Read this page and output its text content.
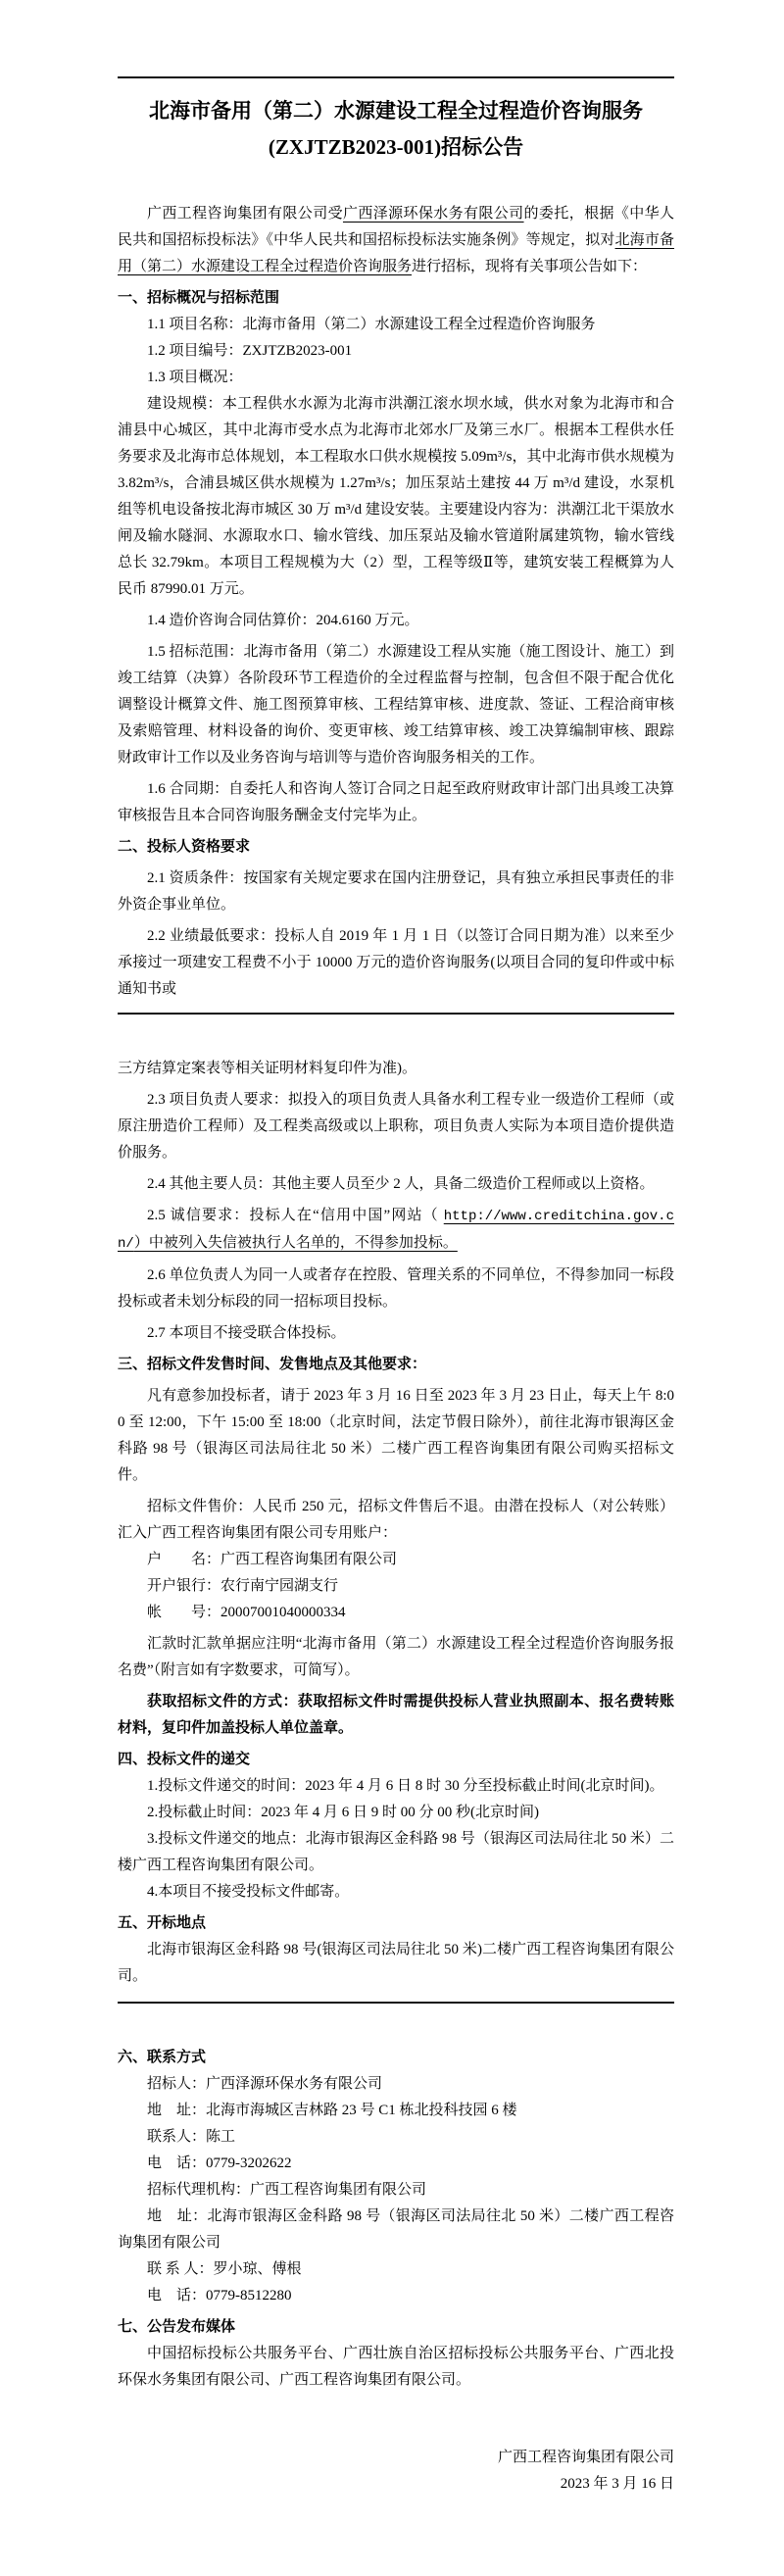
北海市备用（第二）水源建设工程全过程造价咨询服务
(ZXJTZB2023-001)招标公告

广西工程咨询集团有限公司受广西泽源环保水务有限公司的委托，根据《中华人民共和国招标投标法》《中华人民共和国招标投标法实施条例》等规定，拟对北海市备用（第二）水源建设工程全过程造价咨询服务进行招标，现将有关事项公告如下：

一、招标概况与招标范围

1.1 项目名称：北海市备用（第二）水源建设工程全过程造价咨询服务

1.2 项目编号：ZXJTZB2023-001

1.3 项目概况：

建设规模：本工程供水水源为北海市洪潮江滚水坝水域，供水对象为北海市和合浦县中心城区，其中北海市受水点为北海市北郊水厂及第三水厂。根据本工程供水任务要求及北海市总体规划，本工程取水口供水规模按 5.09m³/s，其中北海市供水规模为 3.82m³/s，合浦县城区供水规模为 1.27m³/s；加压泵站土建按 44 万 m³/d 建设，水泵机组等机电设备按北海市城区 30 万 m³/d 建设安装。主要建设内容为：洪潮江北干渠放水闸及输水隧洞、水源取水口、输水管线、加压泵站及输水管道附属建筑物，输水管线总长 32.79km。本项目工程规模为大（2）型，工程等级Ⅱ等，建筑安装工程概算为人民币 87990.01 万元。

1.4 造价咨询合同估算价：204.6160 万元。

1.5 招标范围：北海市备用（第二）水源建设工程从实施（施工图设计、施工）到竣工结算（决算）各阶段环节工程造价的全过程监督与控制，包含但不限于配合优化调整设计概算文件、施工图预算审核、工程结算审核、进度款、签证、工程洽商审核及索赔管理、材料设备的询价、变更审核、竣工结算审核、竣工决算编制审核、跟踪财政审计工作以及业务咨询与培训等与造价咨询服务相关的工作。

1.6 合同期：自委托人和咨询人签订合同之日起至政府财政审计部门出具竣工决算审核报告且本合同咨询服务酬金支付完毕为止。

二、投标人资格要求

2.1 资质条件：按国家有关规定要求在国内注册登记，具有独立承担民事责任的非外资企事业单位。

2.2 业绩最低要求：投标人自 2019 年 1 月 1 日（以签订合同日期为准）以来至少承接过一项建安工程费不小于 10000 万元的造价咨询服务(以项目合同的复印件或中标通知书或

三方结算定案表等相关证明材料复印件为准)。

2.3 项目负责人要求：拟投入的项目负责人具备水利工程专业一级造价工程师（或原注册造价工程师）及工程类高级或以上职称，项目负责人实际为本项目造价提供造价服务。

2.4 其他主要人员：其他主要人员至少 2 人，具备二级造价工程师或以上资格。

2.5 诚信要求：投标人在“信用中国”网站（ http://www.creditchina.gov.cn/）中被列入失信被执行人名单的，不得参加投标。

2.6 单位负责人为同一人或者存在控股、管理关系的不同单位，不得参加同一标段投标或者未划分标段的同一招标项目投标。

2.7 本项目不接受联合体投标。

三、招标文件发售时间、发售地点及其他要求：

凡有意参加投标者，请于 2023 年 3 月 16 日至 2023 年 3 月 23 日止，每天上午 8:00 至 12:00，下午 15:00 至 18:00（北京时间，法定节假日除外），前往北海市银海区金科路 98 号（银海区司法局往北 50 米）二楼广西工程咨询集团有限公司购买招标文件。

招标文件售价：人民币 250 元，招标文件售后不退。由潜在投标人（对公转账）汇入广西工程咨询集团有限公司专用账户：

户　　名：广西工程咨询集团有限公司

开户银行：农行南宁园湖支行

帐　　号：20007001040000334

汇款时汇款单据应注明“北海市备用（第二）水源建设工程全过程造价咨询服务报名费”（附言如有字数要求，可简写）。

获取招标文件的方式：获取招标文件时需提供投标人营业执照副本、报名费转账材料，复印件加盖投标人单位盖章。

四、投标文件的递交

1.投标文件递交的时间：2023 年 4 月 6 日 8 时 30 分至投标截止时间(北京时间)。

2.投标截止时间：2023 年 4 月 6 日 9 时 00 分 00 秒(北京时间)

3.投标文件递交的地点：北海市银海区金科路 98 号（银海区司法局往北 50 米）二楼广西工程咨询集团有限公司。

4.本项目不接受投标文件邮寄。

五、开标地点

北海市银海区金科路 98 号(银海区司法局往北 50 米)二楼广西工程咨询集团有限公司。

六、联系方式

招标人：广西泽源环保水务有限公司

地　址：北海市海城区吉林路 23 号 C1 栋北投科技园 6 楼

联系人：陈工

电　话：0779-3202622

招标代理机构：广西工程咨询集团有限公司

地　址：北海市银海区金科路 98 号（银海区司法局往北 50 米）二楼广西工程咨询集团有限公司

联 系 人：罗小琼、傅根

电　话：0779-8512280

七、公告发布媒体

中国招标投标公共服务平台、广西壮族自治区招标投标公共服务平台、广西北投环保水务集团有限公司、广西工程咨询集团有限公司。

广西工程咨询集团有限公司

2023 年 3 月 16 日
